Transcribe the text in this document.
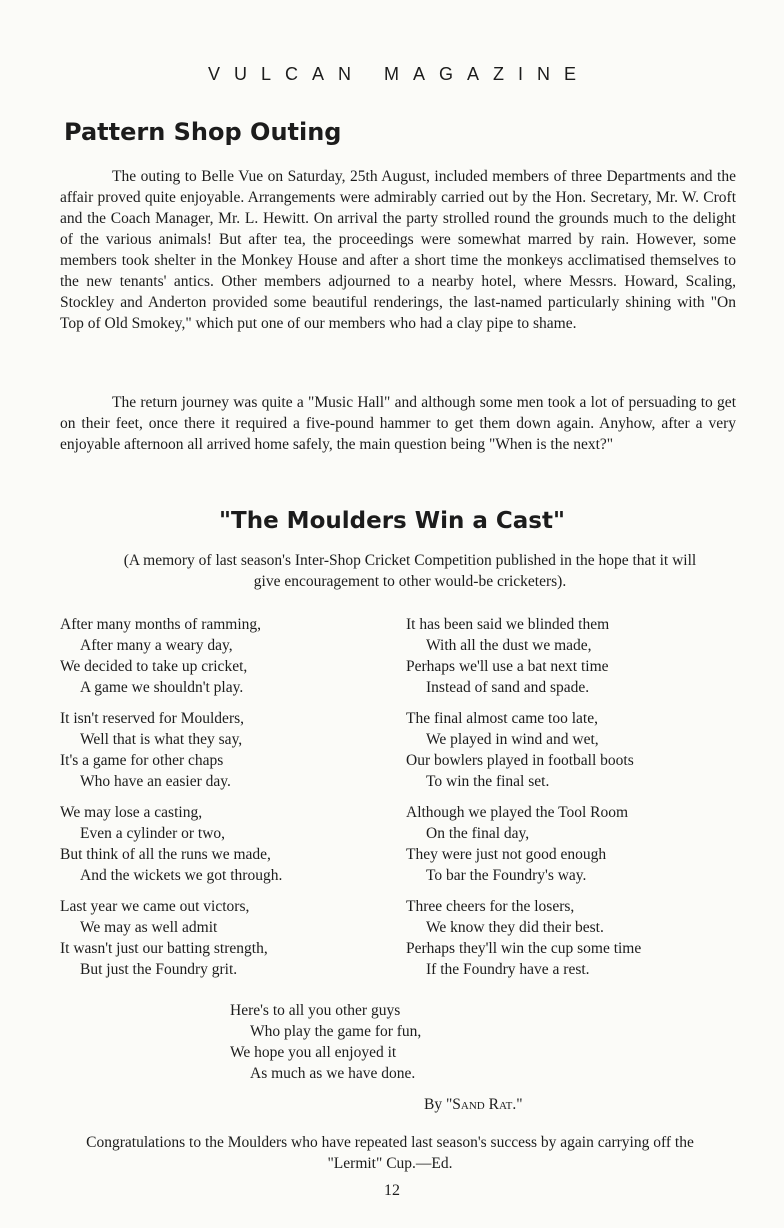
VULCAN MAGAZINE
Pattern Shop Outing

The outing to Belle Vue on Saturday, 25th August, included members of three Departments and the affair proved quite enjoyable. Arrangements were admirably carried out by the Hon. Secretary, Mr. W. Croft and the Coach Manager, Mr. L. Hewitt. On arrival the party strolled round the grounds much to the delight of the various animals! But after tea, the proceedings were somewhat marred by rain. However, some members took shelter in the Monkey House and after a short time the monkeys acclimatised themselves to the new tenants' antics. Other members adjourned to a nearby hotel, where Messrs. Howard, Scaling, Stockley and Anderton provided some beautiful renderings, the last-named particularly shining with "On Top of Old Smokey," which put one of our members who had a clay pipe to shame.

The return journey was quite a "Music Hall" and although some men took a lot of persuading to get on their feet, once there it required a five-pound hammer to get them down again. Anyhow, after a very enjoyable afternoon all arrived home safely, the main question being "When is the next?"

"The Moulders Win a Cast"

(A memory of last season's Inter-Shop Cricket Competition published in the hope that it will give encouragement to other would-be cricketers).

After many months of ramming,
After many a weary day,
We decided to take up cricket,
A game we shouldn't play.
It isn't reserved for Moulders,
Well that is what they say,
It's a game for other chaps
Who have an easier day.
We may lose a casting,
Even a cylinder or two,
But think of all the runs we made,
And the wickets we got through.
Last year we came out victors,
We may as well admit
It wasn't just our batting strength,
But just the Foundry grit.
It has been said we blinded them
With all the dust we made,
Perhaps we'll use a bat next time
Instead of sand and spade.
The final almost came too late,
We played in wind and wet,
Our bowlers played in football boots
To win the final set.
Although we played the Tool Room
On the final day,
They were just not good enough
To bar the Foundry's way.
Three cheers for the losers,
We know they did their best.
Perhaps they'll win the cup some time
If the Foundry have a rest.
Here's to all you other guys
Who play the game for fun,
We hope you all enjoyed it
As much as we have done.
By "Sand Rat."

Congratulations to the Moulders who have repeated last season's success by again carrying off the "Lermit" Cup.—Ed.

12
